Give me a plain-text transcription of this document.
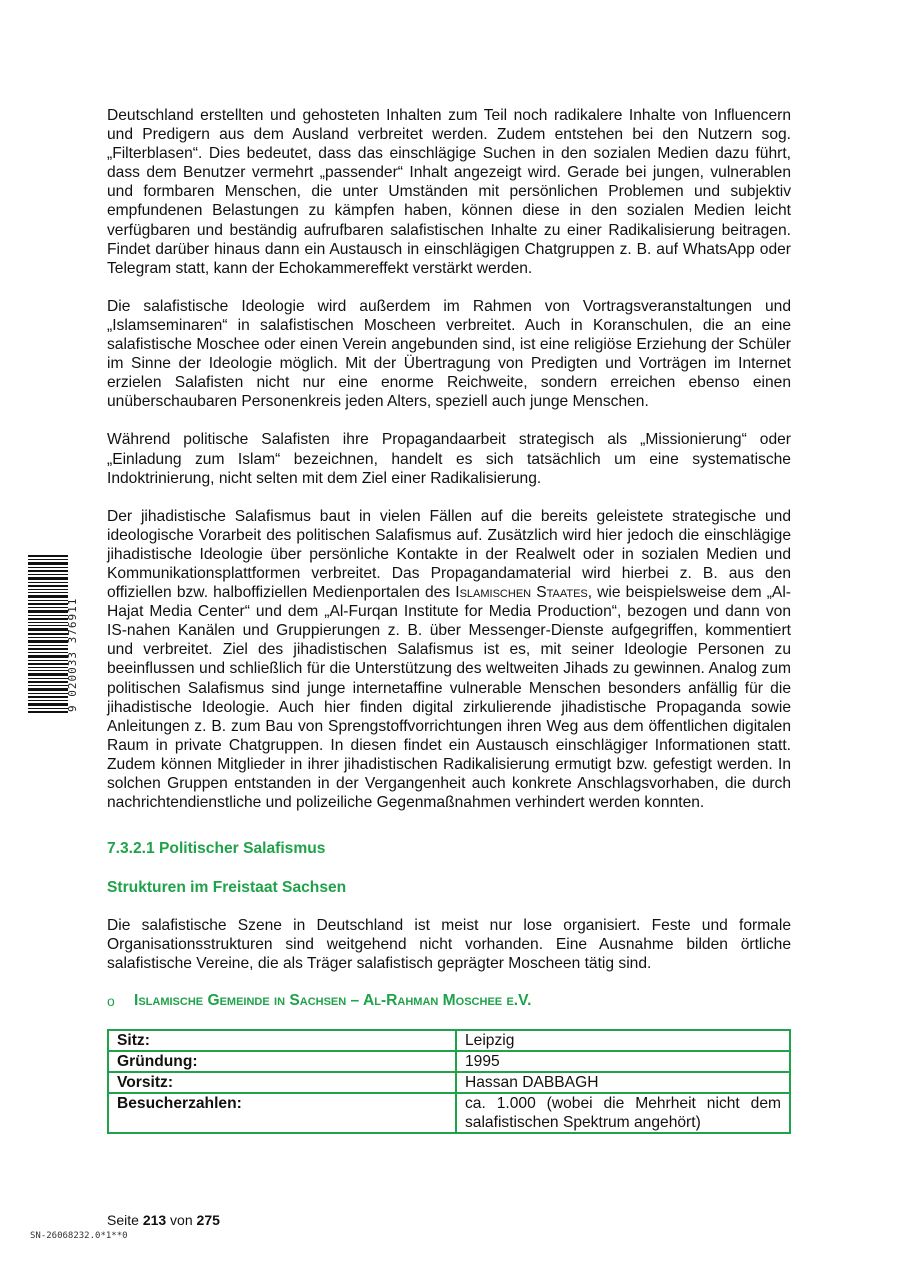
9 020033 376911

Deutschland erstellten und gehosteten Inhalten zum Teil noch radikalere Inhalte von Influencern und Predigern aus dem Ausland verbreitet werden. Zudem entstehen bei den Nutzern sog. „Filterblasen“. Dies bedeutet, dass das einschlägige Suchen in den sozialen Medien dazu führt, dass dem Benutzer vermehrt „passender“ Inhalt angezeigt wird. Gerade bei jungen, vulnerablen und formbaren Menschen, die unter Umständen mit persönlichen Problemen und subjektiv empfundenen Belastungen zu kämpfen haben, können diese in den sozialen Medien leicht verfügbaren und beständig aufrufbaren salafistischen Inhalte zu einer Radikalisierung beitragen. Findet darüber hinaus dann ein Austausch in einschlägigen Chatgruppen z. B. auf WhatsApp oder Telegram statt, kann der Echokammereffekt verstärkt werden.

Die salafistische Ideologie wird außerdem im Rahmen von Vortragsveranstaltungen und „Islamseminaren“ in salafistischen Moscheen verbreitet. Auch in Koranschulen, die an eine salafistische Moschee oder einen Verein angebunden sind, ist eine religiöse Erziehung der Schüler im Sinne der Ideologie möglich. Mit der Übertragung von Predigten und Vorträgen im Internet erzielen Salafisten nicht nur eine enorme Reichweite, sondern erreichen ebenso einen unüberschaubaren Personenkreis jeden Alters, speziell auch junge Menschen.

Während politische Salafisten ihre Propagandaarbeit strategisch als „Missionierung“ oder „Einladung zum Islam“ bezeichnen, handelt es sich tatsächlich um eine systematische Indoktrinierung, nicht selten mit dem Ziel einer Radikalisierung.

Der jihadistische Salafismus baut in vielen Fällen auf die bereits geleistete strategische und ideologische Vorarbeit des politischen Salafismus auf. Zusätzlich wird hier jedoch die einschlägige jihadistische Ideologie über persönliche Kontakte in der Realwelt oder in sozialen Medien und Kommunikationsplattformen verbreitet. Das Propagandamaterial wird hierbei z. B. aus den offiziellen bzw. halboffiziellen Medienportalen des Islamischen Staates, wie beispielsweise dem „Al-Hajat Media Center“ und dem „Al-Furqan Institute for Media Production“, bezogen und dann von IS-nahen Kanälen und Gruppierungen z. B. über Messenger-Dienste aufgegriffen, kommentiert und verbreitet. Ziel des jihadistischen Salafismus ist es, mit seiner Ideologie Personen zu beeinflussen und schließlich für die Unterstützung des weltweiten Jihads zu gewinnen. Analog zum politischen Salafismus sind junge internetaffine vulnerable Menschen besonders anfällig für die jihadistische Ideologie. Auch hier finden digital zirkulierende jihadistische Propaganda sowie Anleitungen z. B. zum Bau von Sprengstoffvorrichtungen ihren Weg aus dem öffentlichen digitalen Raum in private Chatgruppen. In diesen findet ein Austausch einschlägiger Informationen statt. Zudem können Mitglieder in ihrer jihadistischen Radikalisierung ermutigt bzw. gefestigt werden. In solchen Gruppen entstanden in der Vergangenheit auch konkrete Anschlagsvorhaben, die durch nachrichtendienstliche und polizeiliche Gegenmaßnahmen verhindert werden konnten.

7.3.2.1 Politischer Salafismus
Strukturen im Freistaat Sachsen

Die salafistische Szene in Deutschland ist meist nur lose organisiert. Feste und formale Organisationsstrukturen sind weitgehend nicht vorhanden. Eine Ausnahme bilden örtliche salafistische Vereine, die als Träger salafistisch geprägter Moscheen tätig sind.

o Islamische Gemeinde in Sachsen – Al-Rahman Moschee e.V.
Sitz:	Leipzig
Gründung:	1995
Vorsitz:	Hassan DABBAGH
Besucherzahlen:	ca. 1.000 (wobei die Mehrheit nicht dem salafistischen Spektrum angehört)
Seite 213 von 275
SN-26068232.0*1**0
